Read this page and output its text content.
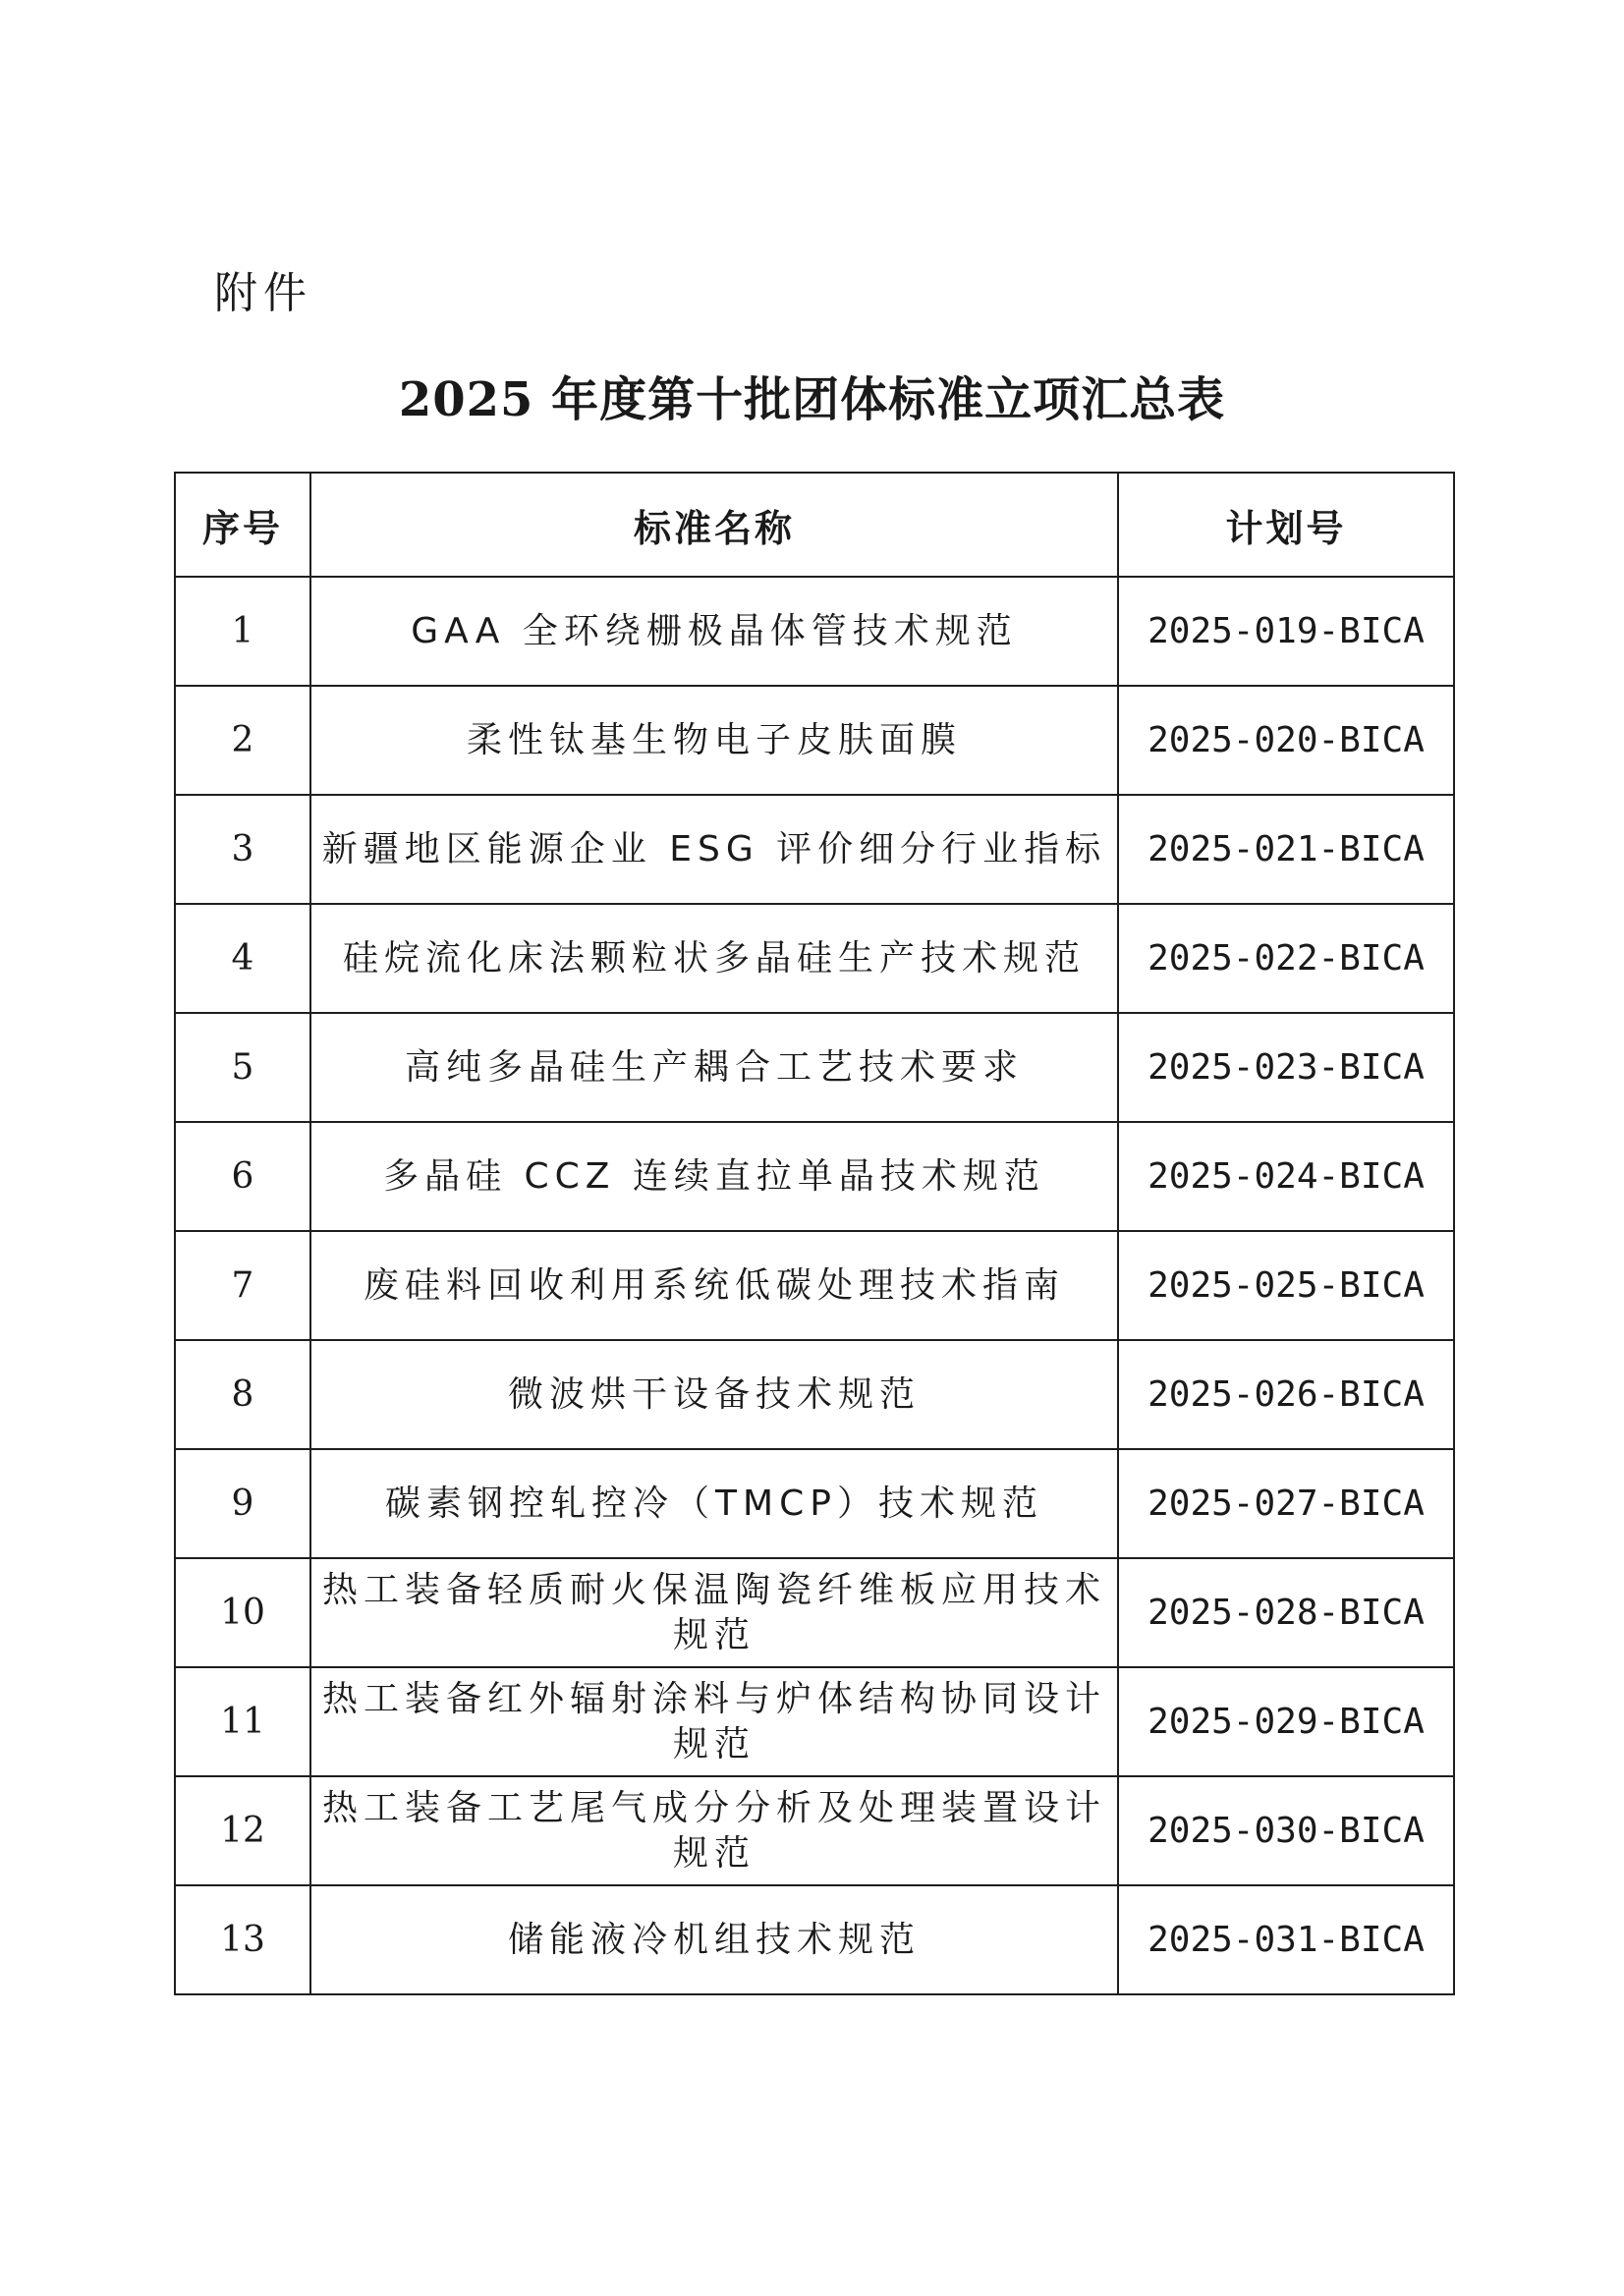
附件
2025 年度第十批团体标准立项汇总表
序号	标准名称	计划号
1	GAA 全环绕栅极晶体管技术规范	2025-019-BICA
2	柔性钛基生物电子皮肤面膜	2025-020-BICA
3	新疆地区能源企业 ESG 评价细分行业指标	2025-021-BICA
4	硅烷流化床法颗粒状多晶硅生产技术规范	2025-022-BICA
5	高纯多晶硅生产耦合工艺技术要求	2025-023-BICA
6	多晶硅 CCZ 连续直拉单晶技术规范	2025-024-BICA
7	废硅料回收利用系统低碳处理技术指南	2025-025-BICA
8	微波烘干设备技术规范	2025-026-BICA
9	碳素钢控轧控冷（TMCP）技术规范	2025-027-BICA
10	热工装备轻质耐火保温陶瓷纤维板应用技术规范	2025-028-BICA
11	热工装备红外辐射涂料与炉体结构协同设计规范	2025-029-BICA
12	热工装备工艺尾气成分分析及处理装置设计规范	2025-030-BICA
13	储能液冷机组技术规范	2025-031-BICA
